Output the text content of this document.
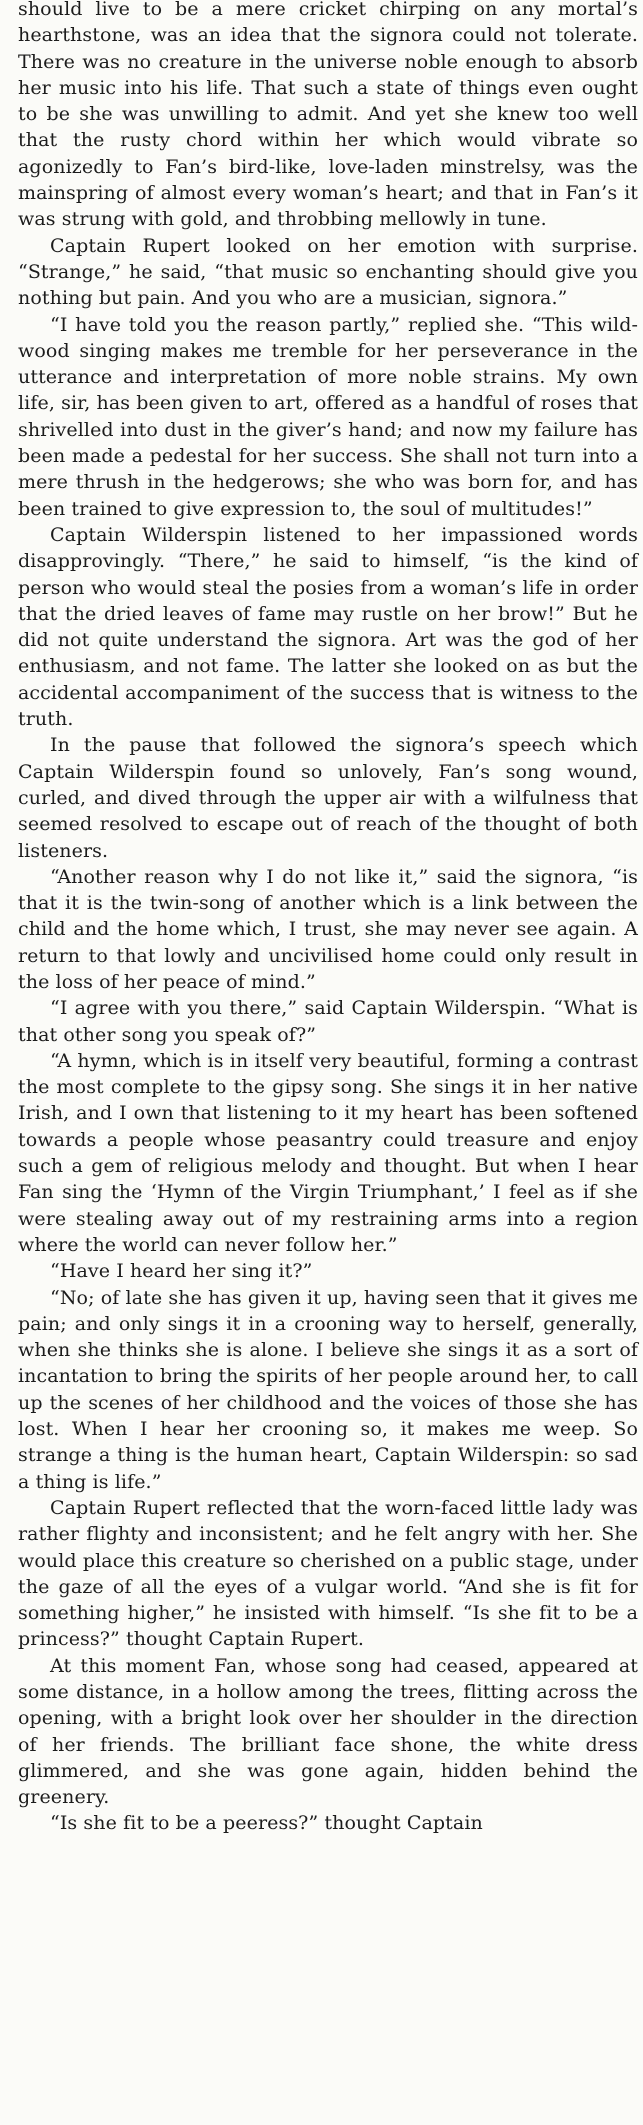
should live to be a mere cricket chirping on any mortal’s hearthstone, was an idea that the signora could not tolerate. There was no creature in the universe noble enough to absorb her music into his life. That such a state of things even ought to be she was unwilling to admit. And yet she knew too well that the rusty chord within her which would vibrate so agonizedly to Fan’s bird-like, love-laden minstrelsy, was the mainspring of almost every woman’s heart; and that in Fan’s it was strung with gold, and throbbing mellowly in tune.

Captain Rupert looked on her emotion with surprise. “Strange,” he said, “that music so enchanting should give you nothing but pain. And you who are a musician, signora.”

“I have told you the reason partly,” replied she. “This wild-wood singing makes me tremble for her perseverance in the utterance and interpretation of more noble strains. My own life, sir, has been given to art, offered as a handful of roses that shrivelled into dust in the giver’s hand; and now my failure has been made a pedestal for her success. She shall not turn into a mere thrush in the hedgerows; she who was born for, and has been trained to give expression to, the soul of multitudes!”

Captain Wilderspin listened to her impassioned words disapprovingly. “There,” he said to himself, “is the kind of person who would steal the posies from a woman’s life in order that the dried leaves of fame may rustle on her brow!” But he did not quite understand the signora. Art was the god of her enthusiasm, and not fame. The latter she looked on as but the accidental accompaniment of the success that is witness to the truth.

In the pause that followed the signora’s speech which Captain Wilderspin found so unlovely, Fan’s song wound, curled, and dived through the upper air with a wilfulness that seemed resolved to escape out of reach of the thought of both listeners.

“Another reason why I do not like it,” said the signora, “is that it is the twin-song of another which is a link between the child and the home which, I trust, she may never see again. A return to that lowly and uncivilised home could only result in the loss of her peace of mind.”

“I agree with you there,” said Captain Wilderspin. “What is that other song you speak of?”

“A hymn, which is in itself very beautiful, forming a contrast the most complete to the gipsy song. She sings it in her native Irish, and I own that listening to it my heart has been softened towards a people whose peasantry could treasure and enjoy such a gem of religious melody and thought. But when I hear Fan sing the ‘Hymn of the Virgin Triumphant,’ I feel as if she were stealing away out of my restraining arms into a region where the world can never follow her.”

“Have I heard her sing it?”

“No; of late she has given it up, having seen that it gives me pain; and only sings it in a crooning way to herself, generally, when she thinks she is alone. I believe she sings it as a sort of incantation to bring the spirits of her people around her, to call up the scenes of her childhood and the voices of those she has lost. When I hear her crooning so, it makes me weep. So strange a thing is the human heart, Captain Wilderspin: so sad a thing is life.”

Captain Rupert reflected that the worn-faced little lady was rather flighty and inconsistent; and he felt angry with her. She would place this creature so cherished on a public stage, under the gaze of all the eyes of a vulgar world. “And she is fit for something higher,” he insisted with himself. “Is she fit to be a princess?” thought Captain Rupert.

At this moment Fan, whose song had ceased, appeared at some distance, in a hollow among the trees, flitting across the opening, with a bright look over her shoulder in the direction of her friends. The brilliant face shone, the white dress glimmered, and she was gone again, hidden behind the greenery.

“Is she fit to be a peeress?” thought Captain
